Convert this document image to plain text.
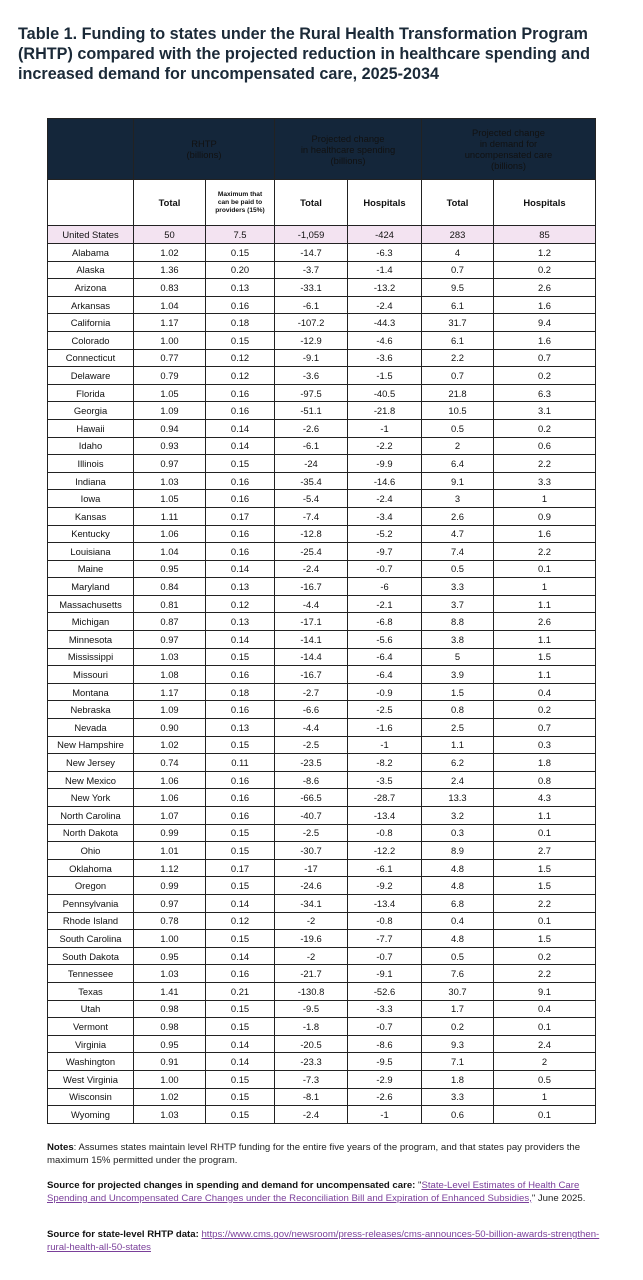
Table 1. Funding to states under the Rural Health Transformation Program (RHTP) compared with the projected reduction in healthcare spending and increased demand for uncompensated care, 2025-2034
	RHTP
(billions)		Projected change
in healthcare spending
(billions)		Projected change
in demand for
uncompensated care
(billions)	
	Total	Maximum that
can be paid to
providers (15%)	Total	Hospitals	Total	Hospitals
United States	50	7.5	-1,059	-424	283	85
Alabama	1.02	0.15	-14.7	-6.3	4	1.2
Alaska	1.36	0.20	-3.7	-1.4	0.7	0.2
Arizona	0.83	0.13	-33.1	-13.2	9.5	2.6
Arkansas	1.04	0.16	-6.1	-2.4	6.1	1.6
California	1.17	0.18	-107.2	-44.3	31.7	9.4
Colorado	1.00	0.15	-12.9	-4.6	6.1	1.6
Connecticut	0.77	0.12	-9.1	-3.6	2.2	0.7
Delaware	0.79	0.12	-3.6	-1.5	0.7	0.2
Florida	1.05	0.16	-97.5	-40.5	21.8	6.3
Georgia	1.09	0.16	-51.1	-21.8	10.5	3.1
Hawaii	0.94	0.14	-2.6	-1	0.5	0.2
Idaho	0.93	0.14	-6.1	-2.2	2	0.6
Illinois	0.97	0.15	-24	-9.9	6.4	2.2
Indiana	1.03	0.16	-35.4	-14.6	9.1	3.3
Iowa	1.05	0.16	-5.4	-2.4	3	1
Kansas	1.11	0.17	-7.4	-3.4	2.6	0.9
Kentucky	1.06	0.16	-12.8	-5.2	4.7	1.6
Louisiana	1.04	0.16	-25.4	-9.7	7.4	2.2
Maine	0.95	0.14	-2.4	-0.7	0.5	0.1
Maryland	0.84	0.13	-16.7	-6	3.3	1
Massachusetts	0.81	0.12	-4.4	-2.1	3.7	1.1
Michigan	0.87	0.13	-17.1	-6.8	8.8	2.6
Minnesota	0.97	0.14	-14.1	-5.6	3.8	1.1
Mississippi	1.03	0.15	-14.4	-6.4	5	1.5
Missouri	1.08	0.16	-16.7	-6.4	3.9	1.1
Montana	1.17	0.18	-2.7	-0.9	1.5	0.4
Nebraska	1.09	0.16	-6.6	-2.5	0.8	0.2
Nevada	0.90	0.13	-4.4	-1.6	2.5	0.7
New Hampshire	1.02	0.15	-2.5	-1	1.1	0.3
New Jersey	0.74	0.11	-23.5	-8.2	6.2	1.8
New Mexico	1.06	0.16	-8.6	-3.5	2.4	0.8
New York	1.06	0.16	-66.5	-28.7	13.3	4.3
North Carolina	1.07	0.16	-40.7	-13.4	3.2	1.1
North Dakota	0.99	0.15	-2.5	-0.8	0.3	0.1
Ohio	1.01	0.15	-30.7	-12.2	8.9	2.7
Oklahoma	1.12	0.17	-17	-6.1	4.8	1.5
Oregon	0.99	0.15	-24.6	-9.2	4.8	1.5
Pennsylvania	0.97	0.14	-34.1	-13.4	6.8	2.2
Rhode Island	0.78	0.12	-2	-0.8	0.4	0.1
South Carolina	1.00	0.15	-19.6	-7.7	4.8	1.5
South Dakota	0.95	0.14	-2	-0.7	0.5	0.2
Tennessee	1.03	0.16	-21.7	-9.1	7.6	2.2
Texas	1.41	0.21	-130.8	-52.6	30.7	9.1
Utah	0.98	0.15	-9.5	-3.3	1.7	0.4
Vermont	0.98	0.15	-1.8	-0.7	0.2	0.1
Virginia	0.95	0.14	-20.5	-8.6	9.3	2.4
Washington	0.91	0.14	-23.3	-9.5	7.1	2
West Virginia	1.00	0.15	-7.3	-2.9	1.8	0.5
Wisconsin	1.02	0.15	-8.1	-2.6	3.3	1
Wyoming	1.03	0.15	-2.4	-1	0.6	0.1

Notes: Assumes states maintain level RHTP funding for the entire five years of the program, and that states pay providers the maximum 15% permitted under the program.

Source for projected changes in spending and demand for uncompensated care: "State-Level Estimates of Health Care Spending and Uncompensated Care Changes under the Reconciliation Bill and Expiration of Enhanced Subsidies," June 2025.

Source for state-level RHTP data: https://www.cms.gov/newsroom/press-releases/cms-announces-50-billion-awards-strengthen-rural-health-all-50-states
